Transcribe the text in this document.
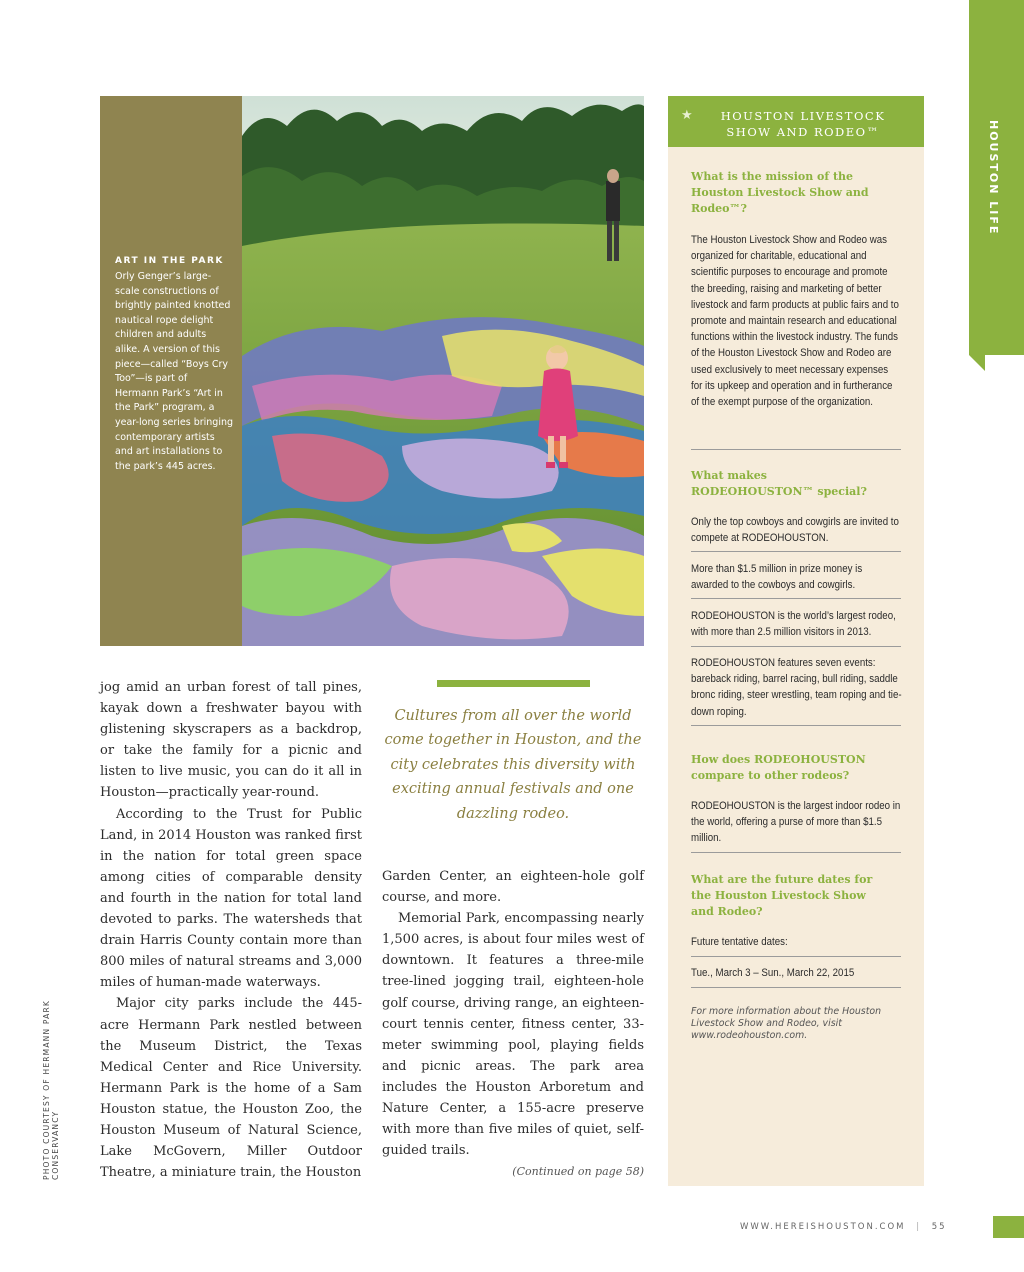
HOUSTON LIFE
ART IN THE PARK
Orly Genger’s large-scale constructions of brightly painted knotted nautical rope delight children and adults alike. A version of this piece—called “Boys Cry Too”—is part of Hermann Park’s “Art in the Park” program, a year-long series bringing contemporary artists and art installations to the park’s 445 acres.
PHOTO COURTESY OF HERMANN PARK CONSERVANCY

jog amid an urban forest of tall pines, kayak down a freshwater bayou with glistening skyscrapers as a backdrop, or take the family for a picnic and listen to live music, you can do it all in Houston—practically year-round.

According to the Trust for Public Land, in 2014 Houston was ranked first in the nation for total green space among cities of comparable density and fourth in the nation for total land devoted to parks. The watersheds that drain Harris County contain more than 800 miles of natural streams and 3,000 miles of human-made waterways.

Major city parks include the 445-acre Hermann Park nestled between the Museum District, the Texas Medical Center and Rice University. Hermann Park is the home of a Sam Houston statue, the Houston Zoo, the Houston Museum of Natural Science, Lake McGovern, Miller Outdoor Theatre, a miniature train, the Houston

Cultures from all over the world come together in Houston, and the city celebrates this diversity with exciting annual festivals and one dazzling rodeo.

Garden Center, an eighteen-hole golf course, and more.

Memorial Park, encompassing nearly 1,500 acres, is about four miles west of downtown. It features a three-mile tree-lined jogging trail, eighteen-hole golf course, driving range, an eighteen-court tennis center, fitness center, 33-meter swimming pool, playing fields and picnic areas. The park area includes the Houston Arboretum and Nature Center, a 155-acre preserve with more than five miles of quiet, self-guided trails.

(Continued on page 58)

★	HOUSTON LIVESTOCK SHOW AND RODEO™
What is the mission of the Houston Livestock Show and Rodeo™?
The Houston Livestock Show and Rodeo was organized for charitable, educational and scientific purposes to encourage and promote the breeding, raising and marketing of better livestock and farm products at public fairs and to promote and maintain research and educational functions within the livestock industry. The funds of the Houston Livestock Show and Rodeo are used exclusively to meet necessary expenses for its upkeep and operation and in furtherance of the exempt purpose of the organization.
What makes RODEOHOUSTON™ special?
Only the top cowboys and cowgirls are invited to compete at RODEOHOUSTON.
More than $1.5 million in prize money is awarded to the cowboys and cowgirls.
RODEOHOUSTON is the world’s largest rodeo, with more than 2.5 million visitors in 2013.
RODEOHOUSTON features seven events: bareback riding, barrel racing, bull riding, saddle bronc riding, steer wrestling, team roping and tie-down roping.
How does RODEOHOUSTON compare to other rodeos?
RODEOHOUSTON is the largest indoor rodeo in the world, offering a purse of more than $1.5 million.
What are the future dates for the Houston Livestock Show and Rodeo?
Future tentative dates:
Tue., March 3 – Sun., March 22, 2015
For more information about the Houston Livestock Show and Rodeo, visit www.rodeohouston.com.
WWW.HEREISHOUSTON.COM | 55
